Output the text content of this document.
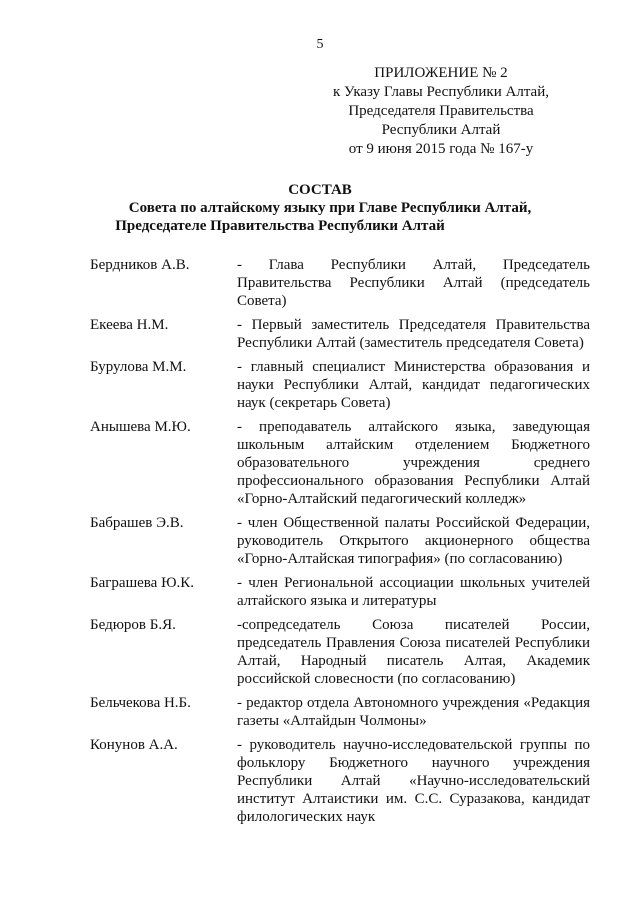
5
ПРИЛОЖЕНИЕ № 2
к Указу Главы Республики Алтай,
Председателя Правительства
Республики Алтай
от 9 июня 2015 года № 167-у
СОСТАВ
Совета по алтайскому языку при Главе Республики Алтай,
Председателе Правительства Республики Алтай
Бердников А.В.	- Глава Республики Алтай, Председатель Правительства Республики Алтай (председатель Совета)
Екеева Н.М.	- Первый заместитель Председателя Правительства Республики Алтай (заместитель председателя Совета)
Бурулова М.М.	- главный специалист Министерства образования и науки Республики Алтай, кандидат педагогических наук (секретарь Совета)
Анышева М.Ю.	- преподаватель алтайского языка, заведующая школьным алтайским отделением Бюджетного образовательного учреждения среднего профессионального образования Республики Алтай «Горно-Алтайский педагогический колледж»
Бабрашев Э.В.	- член Общественной палаты Российской Федерации, руководитель Открытого акционерного общества «Горно-Алтайская типография» (по согласованию)
Баграшева Ю.К.	- член Региональной ассоциации школьных учителей алтайского языка и литературы
Бедюров Б.Я.	-сопредседатель Союза писателей России, председатель Правления Союза писателей Республики Алтай, Народный писатель Алтая, Академик российской словесности (по согласованию)
Бельчекова Н.Б.	- редактор отдела Автономного учреждения «Редакция газеты «Алтайдын Чолмоны»
Конунов А.А.	- руководитель научно-исследовательской группы по фольклору Бюджетного научного учреждения Республики Алтай «Научно-исследовательский институт Алтаистики им. С.С. Суразакова, кандидат филологических наук
